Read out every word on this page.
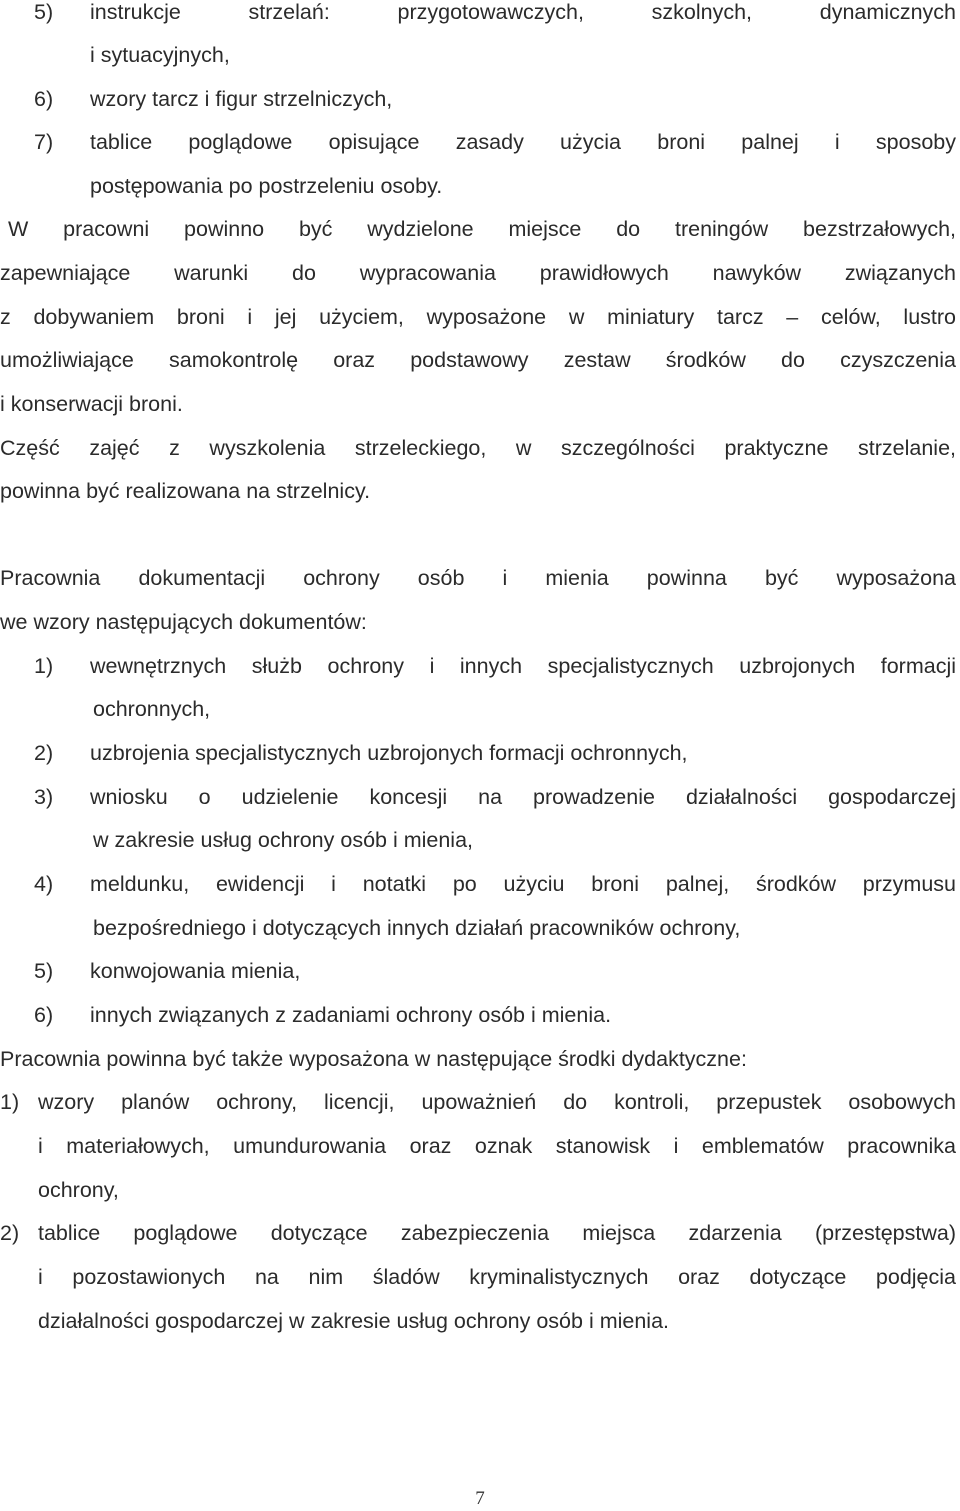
5) instrukcje strzelań: przygotowawczych, szkolnych, dynamicznych
i sytuacyjnych,
6) wzory tarcz i figur strzelniczych,
7) tablice poglądowe opisujące zasady użycia broni palnej i sposoby
postępowania po postrzeleniu osoby.
W pracowni powinno być wydzielone miejsce do treningów bezstrzałowych,
zapewniające warunki do wypracowania prawidłowych nawyków związanych
z dobywaniem broni i jej użyciem, wyposażone w miniatury tarcz – celów, lustro
umożliwiające samokontrolę oraz podstawowy zestaw środków do czyszczenia
i konserwacji broni.
Część zajęć z wyszkolenia strzeleckiego, w szczególności praktyczne strzelanie,
powinna być realizowana na strzelnicy.
Pracownia dokumentacji ochrony osób i mienia powinna być wyposażona
we wzory następujących dokumentów:
1) wewnętrznych służb ochrony i innych specjalistycznych uzbrojonych formacji
ochronnych,
2) uzbrojenia specjalistycznych uzbrojonych formacji ochronnych,
3) wniosku o udzielenie koncesji na prowadzenie działalności gospodarczej
w zakresie usług ochrony osób i mienia,
4) meldunku, ewidencji i notatki po użyciu broni palnej, środków przymusu
bezpośredniego i dotyczących innych działań pracowników ochrony,
5) konwojowania mienia,
6) innych związanych z zadaniami ochrony osób i mienia.
Pracownia powinna być także wyposażona w następujące środki dydaktyczne:
1) wzory planów ochrony, licencji, upoważnień do kontroli, przepustek osobowych
i materiałowych, umundurowania oraz oznak stanowisk i emblematów pracownika
ochrony,
2) tablice poglądowe dotyczące zabezpieczenia miejsca zdarzenia (przestępstwa)
i pozostawionych na nim śladów kryminalistycznych oraz dotyczące podjęcia
działalności gospodarczej w zakresie usług ochrony osób i mienia.
7
